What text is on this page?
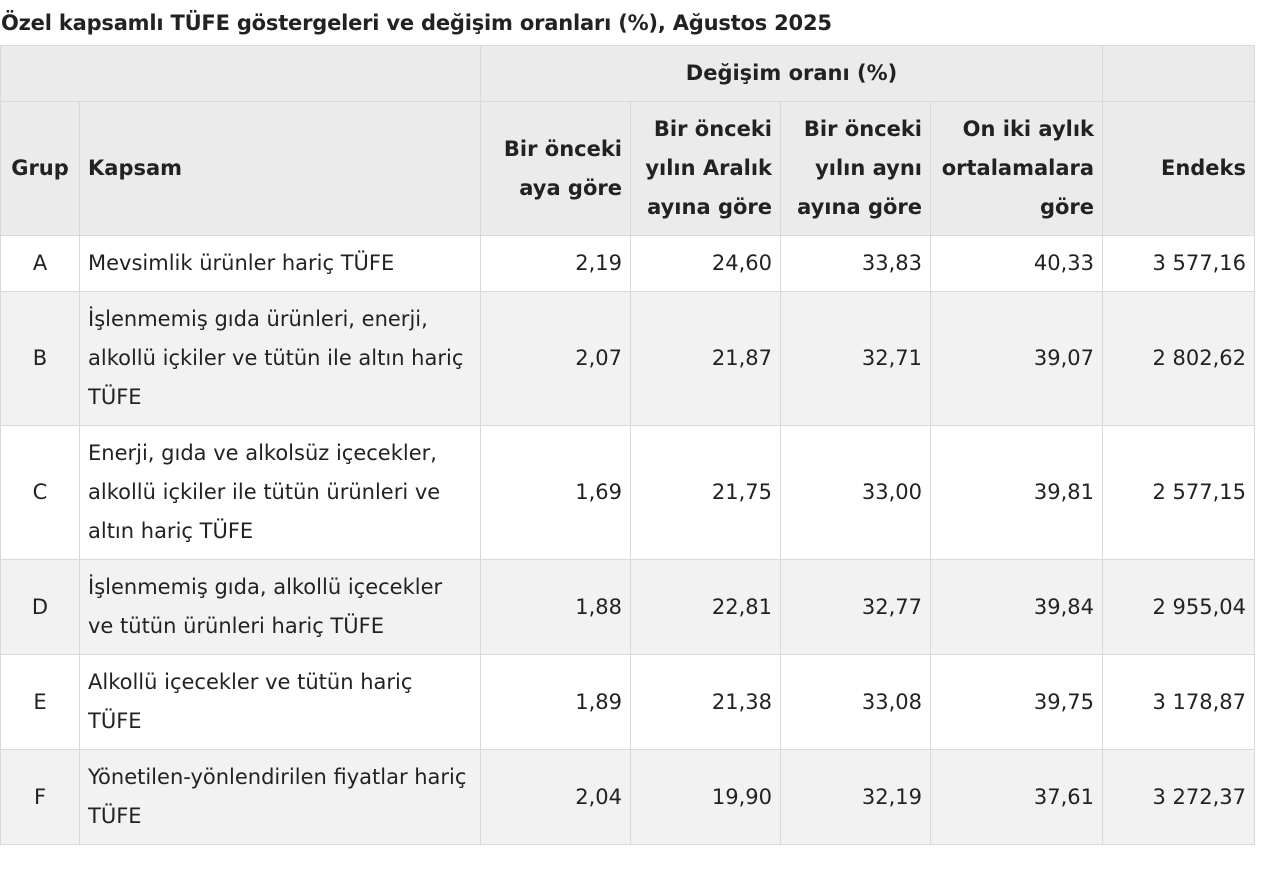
Özel kapsamlı TÜFE göstergeleri ve değişim oranları (%), Ağustos 2025
		Değişim oranı (%)				
Grup	Kapsam	Bir önceki aya göre	Bir önceki yılın Aralık ayına göre	Bir önceki yılın aynı ayına göre	On iki aylık ortalamalara göre	Endeks
A	Mevsimlik ürünler hariç TÜFE	2,19	24,60	33,83	40,33	3 577,16
B	İşlenmemiş gıda ürünleri, enerji, alkollü içkiler ve tütün ile altın hariç TÜFE	2,07	21,87	32,71	39,07	2 802,62
C	Enerji, gıda ve alkolsüz içecekler, alkollü içkiler ile tütün ürünleri ve altın hariç TÜFE	1,69	21,75	33,00	39,81	2 577,15
D	İşlenmemiş gıda, alkollü içecekler ve tütün ürünleri hariç TÜFE	1,88	22,81	32,77	39,84	2 955,04
E	Alkollü içecekler ve tütün hariç TÜFE	1,89	21,38	33,08	39,75	3 178,87
F	Yönetilen-yönlendirilen fiyatlar hariç TÜFE	2,04	19,90	32,19	37,61	3 272,37
